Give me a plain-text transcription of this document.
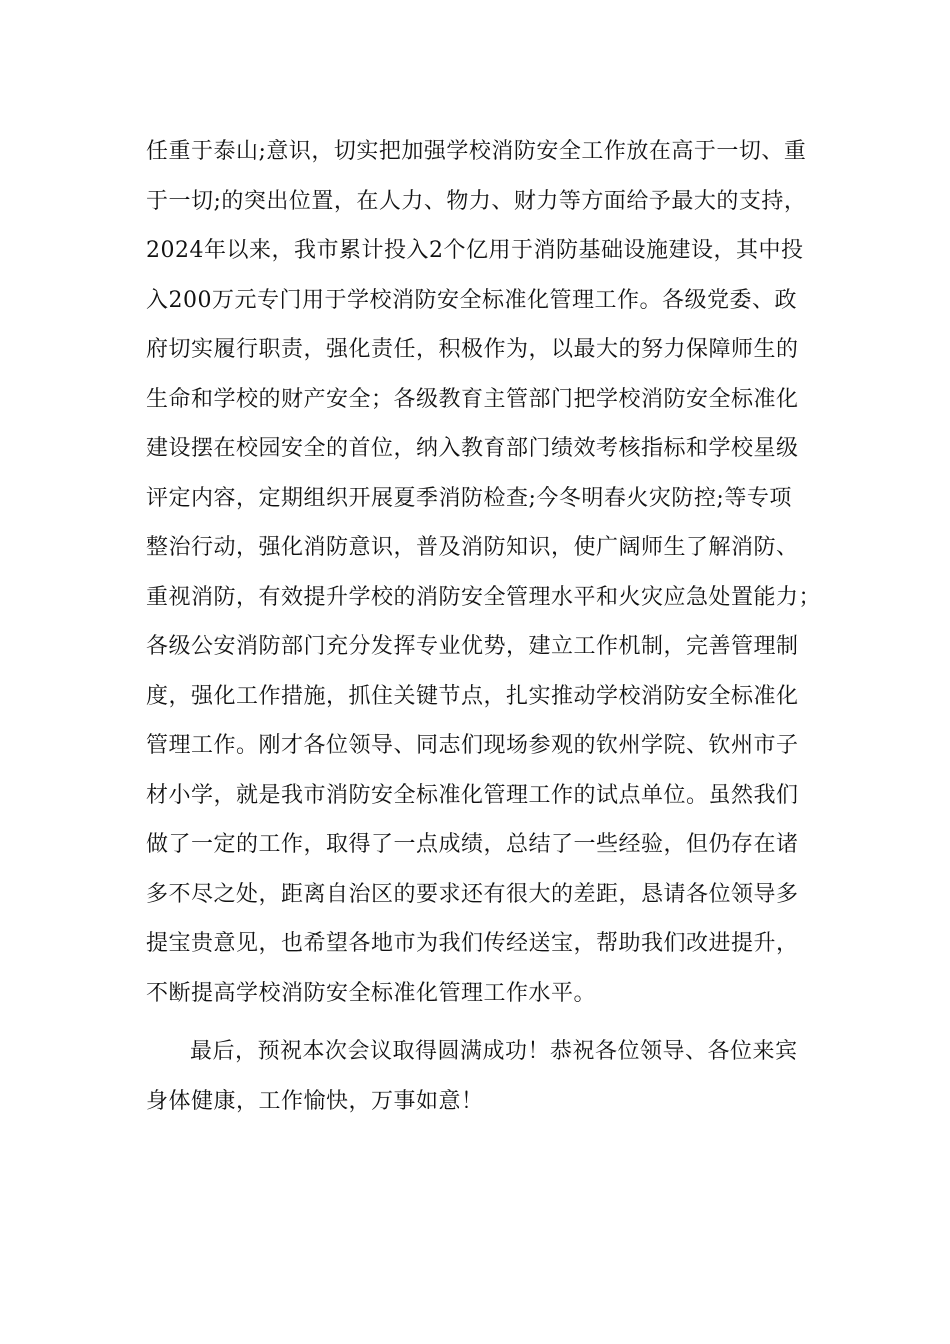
任重于泰山;意识，切实把加强学校消防安全工作放在高于一切、重
于一切;的突出位置，在人力、物力、财力等方面给予最大的支持，
2024年以来，我市累计投入2个亿用于消防基础设施建设，其中投
入200万元专门用于学校消防安全标准化管理工作。各级党委、政
府切实履行职责，强化责任，积极作为，以最大的努力保障师生的
生命和学校的财产安全；各级教育主管部门把学校消防安全标准化
建设摆在校园安全的首位，纳入教育部门绩效考核指标和学校星级
评定内容，定期组织开展夏季消防检查;今冬明春火灾防控;等专项
整治行动，强化消防意识，普及消防知识，使广阔师生了解消防、
重视消防，有效提升学校的消防安全管理水平和火灾应急处置能力；
各级公安消防部门充分发挥专业优势，建立工作机制，完善管理制
度，强化工作措施，抓住关键节点，扎实推动学校消防安全标准化
管理工作。刚才各位领导、同志们现场参观的钦州学院、钦州市子
材小学，就是我市消防安全标准化管理工作的试点单位。虽然我们
做了一定的工作，取得了一点成绩，总结了一些经验，但仍存在诸
多不尽之处，距离自治区的要求还有很大的差距，恳请各位领导多
提宝贵意见，也希望各地市为我们传经送宝，帮助我们改进提升，
不断提高学校消防安全标准化管理工作水平。
最后，预祝本次会议取得圆满成功！恭祝各位领导、各位来宾
身体健康，工作愉快，万事如意！
